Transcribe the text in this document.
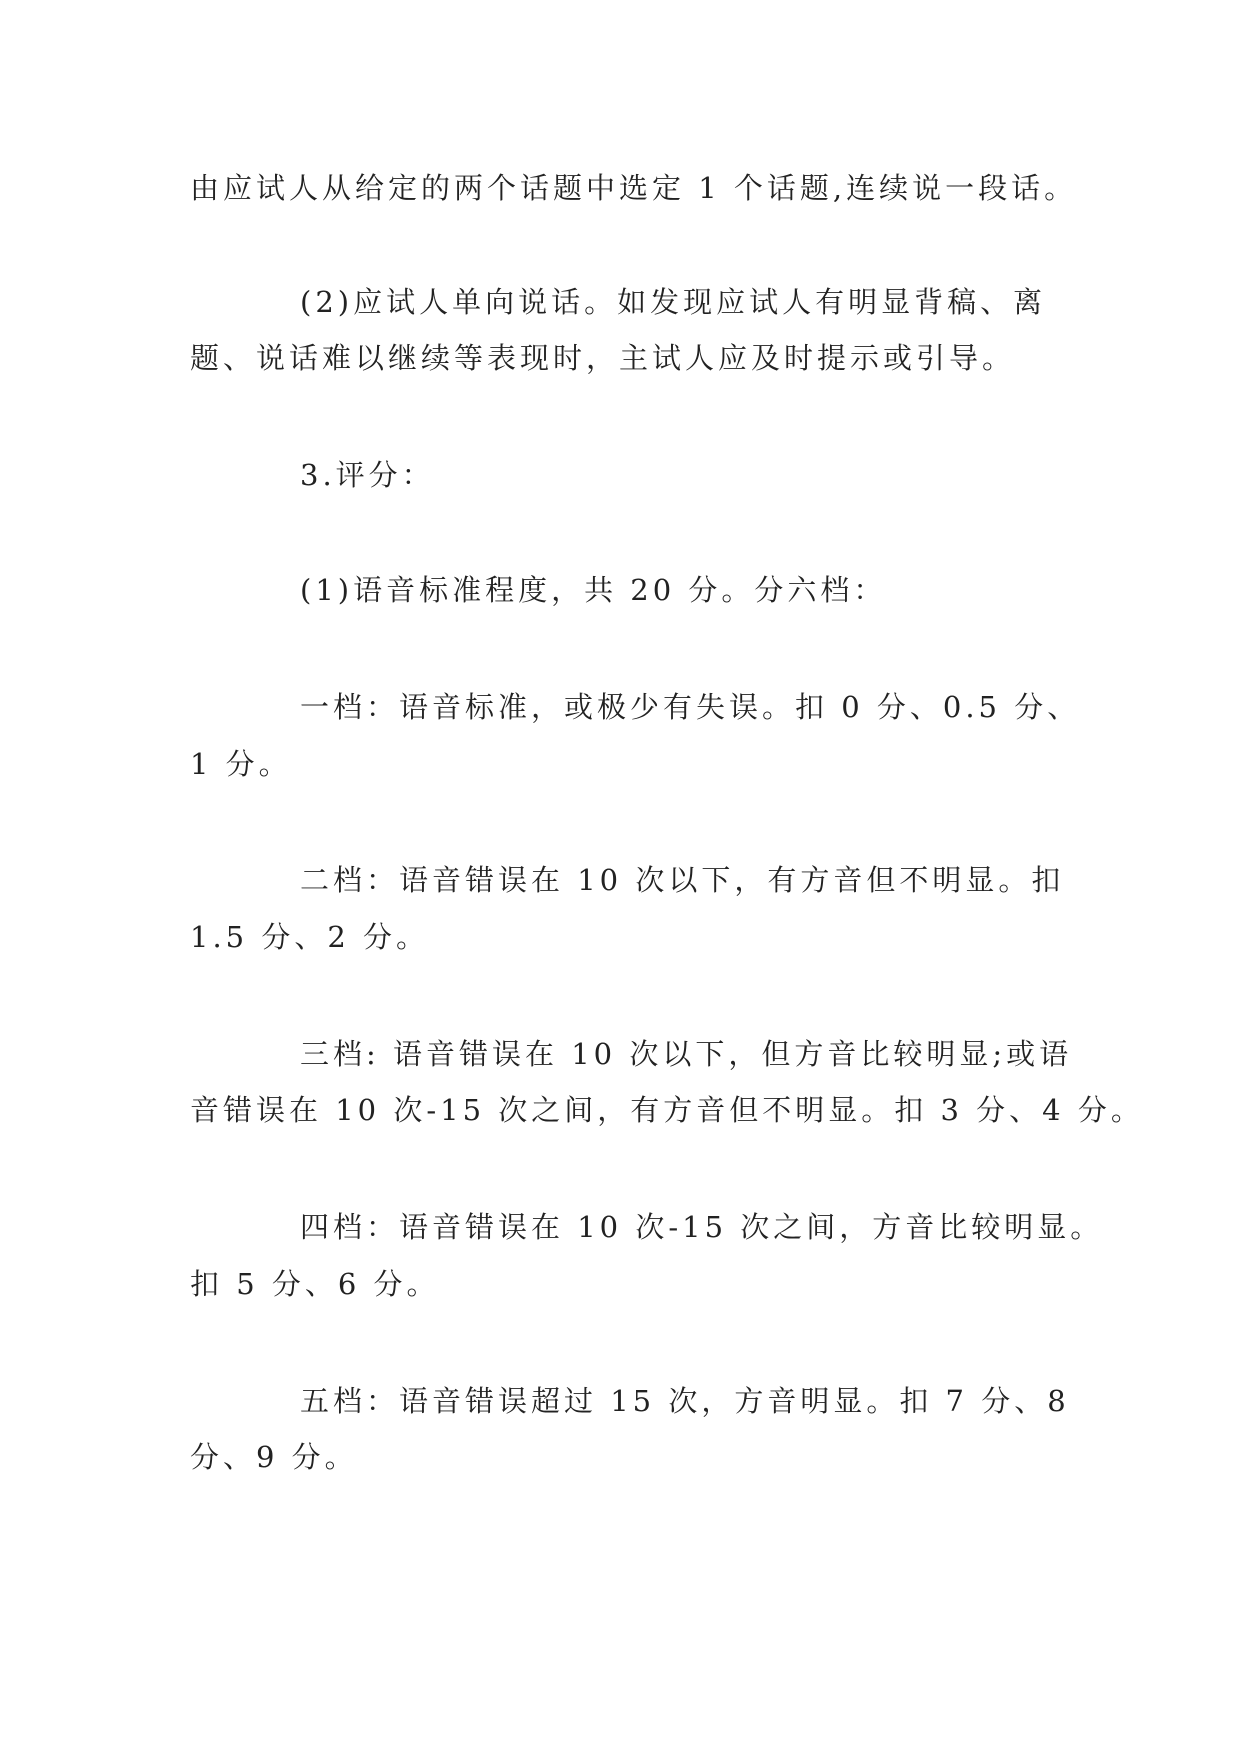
由应试人从给定的两个话题中选定 1 个话题,连续说一段话。
(2)应试人单向说话。如发现应试人有明显背稿、离
题、说话难以继续等表现时，主试人应及时提示或引导。
3.评分：
(1)语音标准程度，共 20 分。分六档：
一档：语音标准，或极少有失误。扣 0 分、0.5 分、
1 分。
二档：语音错误在 10 次以下，有方音但不明显。扣
1.5 分、2 分。
三档: 语音错误在 10 次以下，但方音比较明显;或语
音错误在 10 次-15 次之间，有方音但不明显。扣 3 分、4 分。
四档：语音错误在 10 次-15 次之间，方音比较明显。
扣 5 分、6 分。
五档：语音错误超过 15 次，方音明显。扣 7 分、8
分、9 分。
